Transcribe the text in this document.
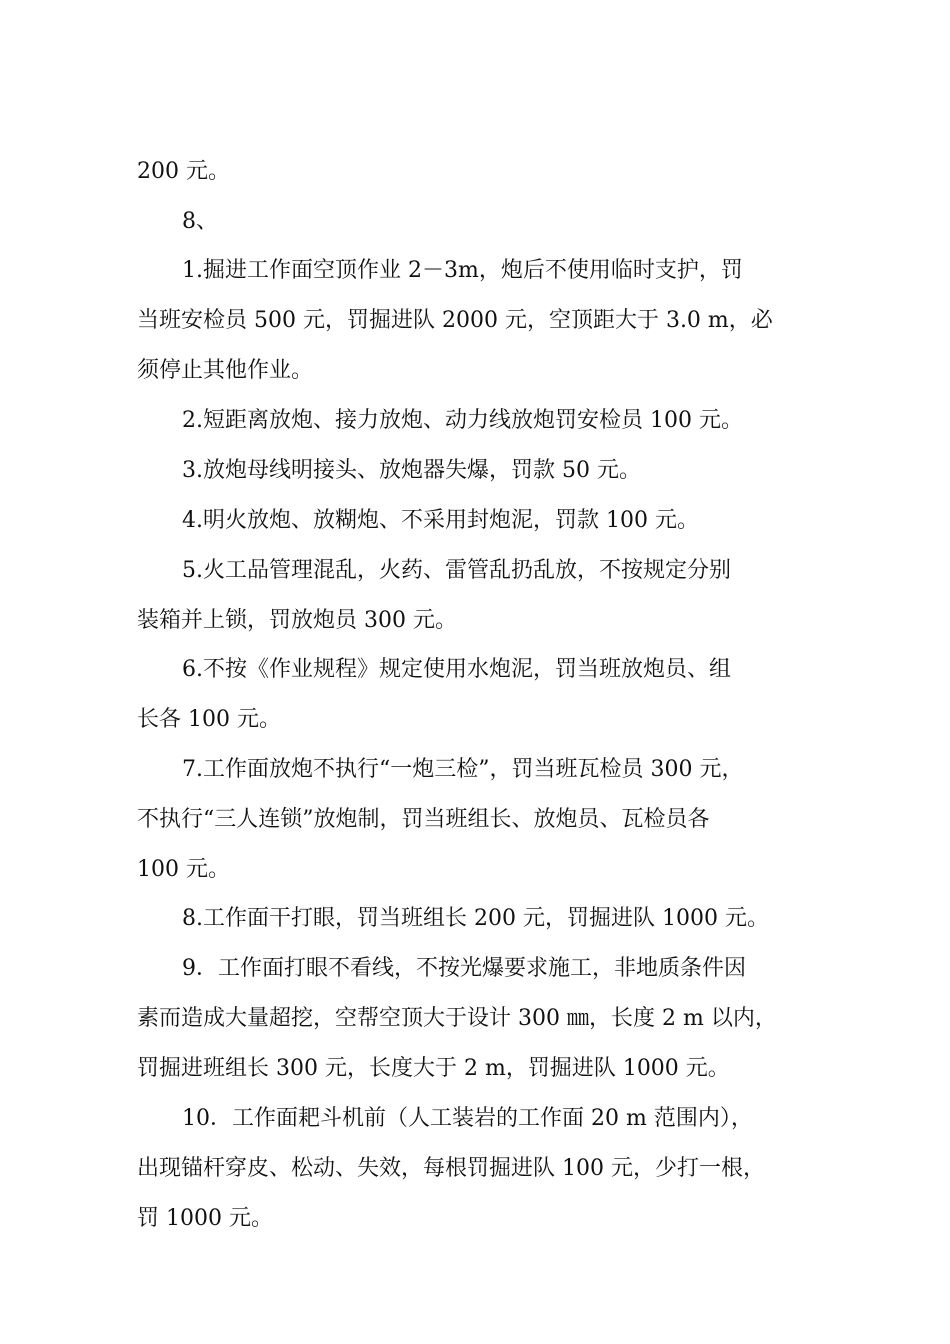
200 元。

8、

1.掘进工作面空顶作业 2－3m，炮后不使用临时支护，罚

当班安检员 500 元，罚掘进队 2000 元，空顶距大于 3.0 m，必

须停止其他作业。

2.短距离放炮、接力放炮、动力线放炮罚安检员 100 元。

3.放炮母线明接头、放炮器失爆，罚款 50 元。

4.明火放炮、放糊炮、不采用封炮泥，罚款 100 元。

5.火工品管理混乱，火药、雷管乱扔乱放，不按规定分别

装箱并上锁，罚放炮员 300 元。

6.不按《作业规程》规定使用水炮泥，罚当班放炮员、组

长各 100 元。

7.工作面放炮不执行“一炮三检”，罚当班瓦检员 300 元，

不执行“三人连锁”放炮制，罚当班组长、放炮员、瓦检员各

100 元。

8.工作面干打眼，罚当班组长 200 元，罚掘进队 1000 元。

9．工作面打眼不看线，不按光爆要求施工，非地质条件因

素而造成大量超挖，空帮空顶大于设计 300 ㎜，长度 2 m 以内，

罚掘进班组长 300 元，长度大于 2 m，罚掘进队 1000 元。

10．工作面耙斗机前（人工装岩的工作面 20 m 范围内），

出现锚杆穿皮、松动、失效，每根罚掘进队 100 元，少打一根，

罚 1000 元。
